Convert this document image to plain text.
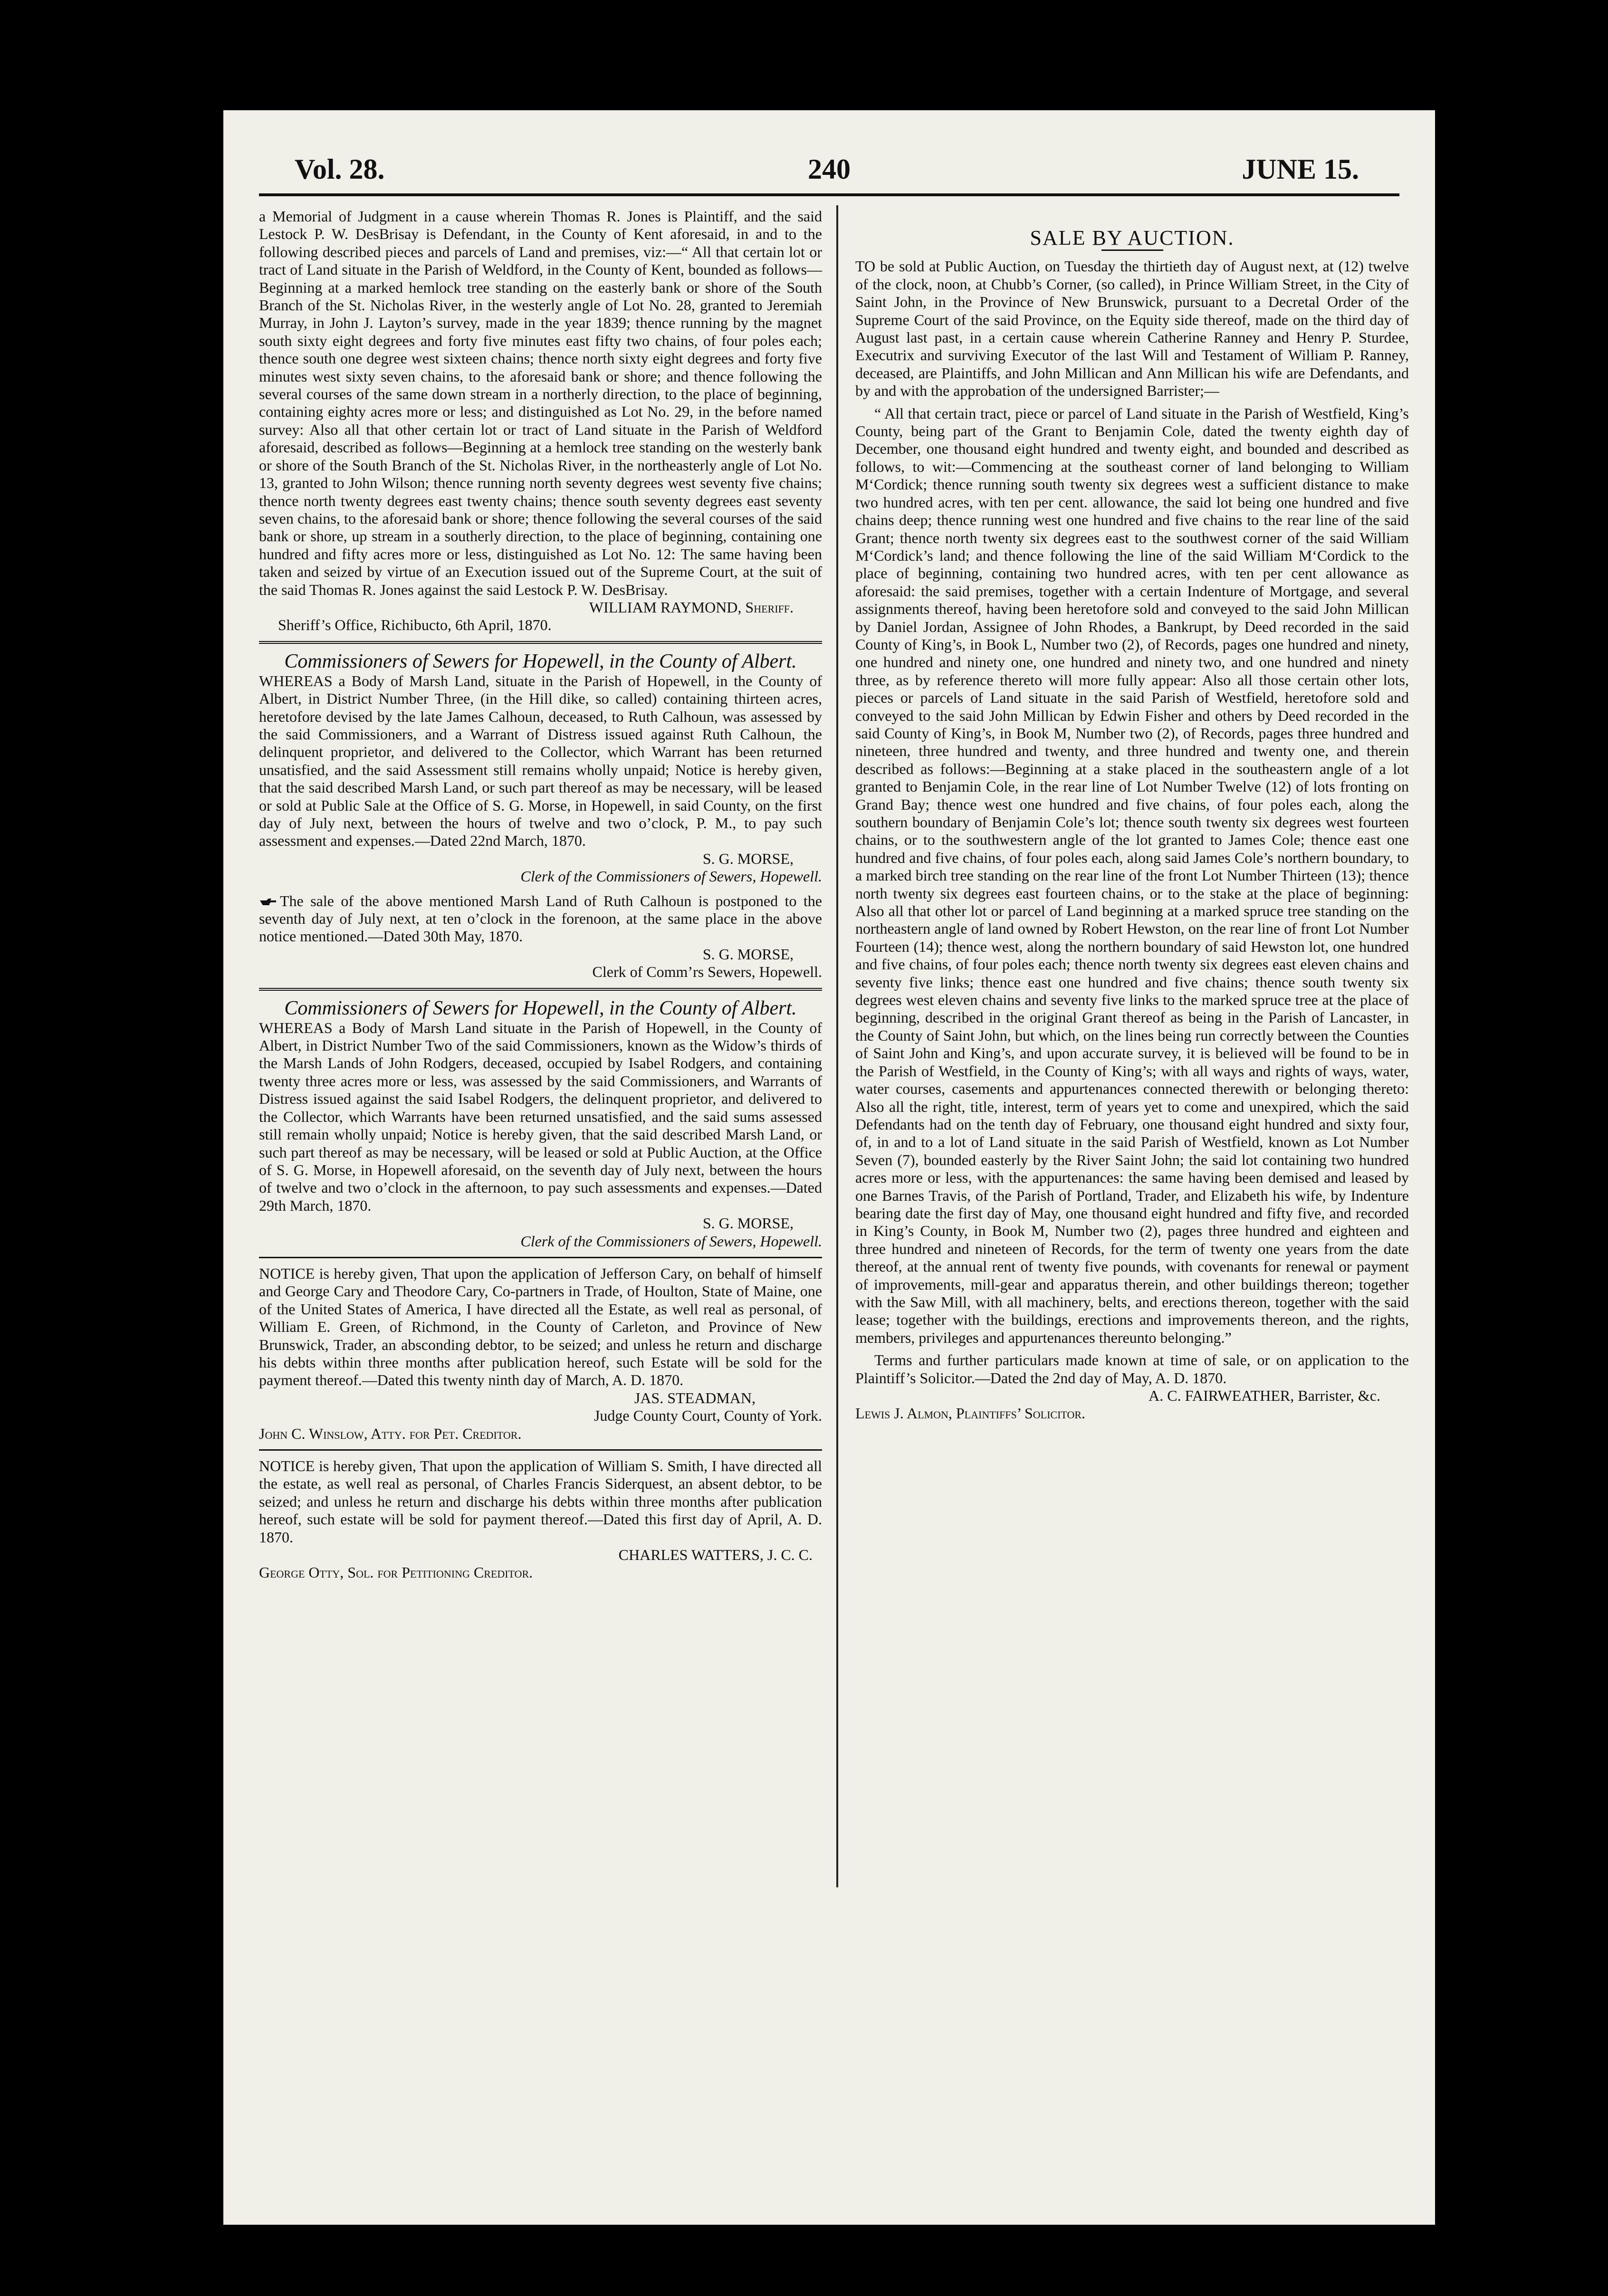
Vol. 28.	240	JUNE 15.

a Memorial of Judgment in a cause wherein Thomas R. Jones is Plaintiff, and the said Lestock P. W. DesBrisay is Defendant, in the County of Kent aforesaid, in and to the following described pieces and parcels of Land and premises, viz:—“ All that certain lot or tract of Land situate in the Parish of Weldford, in the County of Kent, bounded as follows—Beginning at a marked hemlock tree standing on the easterly bank or shore of the South Branch of the St. Nicholas River, in the westerly angle of Lot No. 28, granted to Jeremiah Murray, in John J. Layton’s survey, made in the year 1839; thence running by the magnet south sixty eight degrees and forty five minutes east fifty two chains, of four poles each; thence south one degree west sixteen chains; thence north sixty eight degrees and forty five minutes west sixty seven chains, to the aforesaid bank or shore; and thence following the several courses of the same down stream in a northerly direction, to the place of beginning, containing eighty acres more or less; and distinguished as Lot No. 29, in the before named survey: Also all that other certain lot or tract of Land situate in the Parish of Weldford aforesaid, described as follows—Beginning at a hemlock tree standing on the westerly bank or shore of the South Branch of the St. Nicholas River, in the northeasterly angle of Lot No. 13, granted to John Wilson; thence running north seventy degrees west seventy five chains; thence north twenty degrees east twenty chains; thence south seventy degrees east seventy seven chains, to the aforesaid bank or shore; thence following the several courses of the said bank or shore, up stream in a southerly direction, to the place of beginning, containing one hundred and fifty acres more or less, distinguished as Lot No. 12: The same having been taken and seized by virtue of an Execution issued out of the Supreme Court, at the suit of the said Thomas R. Jones against the said Lestock P. W. DesBrisay.

WILLIAM RAYMOND, Sheriff.

Sheriff’s Office, Richibucto, 6th April, 1870.

Commissioners of Sewers for Hopewell, in the County of Albert.

WHEREAS a Body of Marsh Land, situate in the Parish of Hopewell, in the County of Albert, in District Number Three, (in the Hill dike, so called) containing thirteen acres, heretofore devised by the late James Calhoun, deceased, to Ruth Calhoun, was assessed by the said Commissioners, and a Warrant of Distress issued against Ruth Calhoun, the delinquent proprietor, and delivered to the Collector, which Warrant has been returned unsatisfied, and the said Assessment still remains wholly unpaid; Notice is hereby given, that the said described Marsh Land, or such part thereof as may be necessary, will be leased or sold at Public Sale at the Office of S. G. Morse, in Hopewell, in said County, on the first day of July next, between the hours of twelve and two o’clock, P. M., to pay such assessment and expenses.—Dated 22nd March, 1870.

S. G. MORSE,

Clerk of the Commissioners of Sewers, Hopewell.

The sale of the above mentioned Marsh Land of Ruth Calhoun is postponed to the seventh day of July next, at ten o’clock in the forenoon, at the same place in the above notice mentioned.—Dated 30th May, 1870.

S. G. MORSE,

Clerk of Comm’rs Sewers, Hopewell.

Commissioners of Sewers for Hopewell, in the County of Albert.

WHEREAS a Body of Marsh Land situate in the Parish of Hopewell, in the County of Albert, in District Number Two of the said Commissioners, known as the Widow’s thirds of the Marsh Lands of John Rodgers, deceased, occupied by Isabel Rodgers, and containing twenty three acres more or less, was assessed by the said Commissioners, and Warrants of Distress issued against the said Isabel Rodgers, the delinquent proprietor, and delivered to the Collector, which Warrants have been returned unsatisfied, and the said sums assessed still remain wholly unpaid; Notice is hereby given, that the said described Marsh Land, or such part thereof as may be necessary, will be leased or sold at Public Auction, at the Office of S. G. Morse, in Hopewell aforesaid, on the seventh day of July next, between the hours of twelve and two o’clock in the afternoon, to pay such assessments and expenses.—Dated 29th March, 1870.

S. G. MORSE,

Clerk of the Commissioners of Sewers, Hopewell.

NOTICE is hereby given, That upon the application of Jefferson Cary, on behalf of himself and George Cary and Theodore Cary, Co-partners in Trade, of Houlton, State of Maine, one of the United States of America, I have directed all the Estate, as well real as personal, of William E. Green, of Richmond, in the County of Carleton, and Province of New Brunswick, Trader, an absconding debtor, to be seized; and unless he return and discharge his debts within three months after publication hereof, such Estate will be sold for the payment thereof.—Dated this twenty ninth day of March, A. D. 1870.

JAS. STEADMAN,

Judge County Court, County of York.

John C. Winslow, Atty. for Pet. Creditor.

NOTICE is hereby given, That upon the application of William S. Smith, I have directed all the estate, as well real as personal, of Charles Francis Siderquest, an absent debtor, to be seized; and unless he return and discharge his debts within three months after publication hereof, such estate will be sold for payment thereof.—Dated this first day of April, A. D. 1870.

CHARLES WATTERS, J. C. C.

George Otty, Sol. for Petitioning Creditor.

SALE BY AUCTION.

TO be sold at Public Auction, on Tuesday the thirtieth day of August next, at (12) twelve of the clock, noon, at Chubb’s Corner, (so called), in Prince William Street, in the City of Saint John, in the Province of New Brunswick, pursuant to a Decretal Order of the Supreme Court of the said Province, on the Equity side thereof, made on the third day of August last past, in a certain cause wherein Catherine Ranney and Henry P. Sturdee, Executrix and surviving Executor of the last Will and Testament of William P. Ranney, deceased, are Plaintiffs, and John Millican and Ann Millican his wife are Defendants, and by and with the approbation of the undersigned Barrister;—

“ All that certain tract, piece or parcel of Land situate in the Parish of Westfield, King’s County, being part of the Grant to Benjamin Cole, dated the twenty eighth day of December, one thousand eight hundred and twenty eight, and bounded and described as follows, to wit:—Commencing at the southeast corner of land belonging to William M‘Cordick; thence running south twenty six degrees west a sufficient distance to make two hundred acres, with ten per cent. allowance, the said lot being one hundred and five chains deep; thence running west one hundred and five chains to the rear line of the said Grant; thence north twenty six degrees east to the southwest corner of the said William M‘Cordick’s land; and thence following the line of the said William M‘Cordick to the place of beginning, containing two hundred acres, with ten per cent allowance as aforesaid: the said premises, together with a certain Indenture of Mortgage, and several assignments thereof, having been heretofore sold and conveyed to the said John Millican by Daniel Jordan, Assignee of John Rhodes, a Bankrupt, by Deed recorded in the said County of King’s, in Book L, Number two (2), of Records, pages one hundred and ninety, one hundred and ninety one, one hundred and ninety two, and one hundred and ninety three, as by reference thereto will more fully appear: Also all those certain other lots, pieces or parcels of Land situate in the said Parish of Westfield, heretofore sold and conveyed to the said John Millican by Edwin Fisher and others by Deed recorded in the said County of King’s, in Book M, Number two (2), of Records, pages three hundred and nineteen, three hundred and twenty, and three hundred and twenty one, and therein described as follows:—Beginning at a stake placed in the southeastern angle of a lot granted to Benjamin Cole, in the rear line of Lot Number Twelve (12) of lots fronting on Grand Bay; thence west one hundred and five chains, of four poles each, along the southern boundary of Benjamin Cole’s lot; thence south twenty six degrees west fourteen chains, or to the southwestern angle of the lot granted to James Cole; thence east one hundred and five chains, of four poles each, along said James Cole’s northern boundary, to a marked birch tree standing on the rear line of the front Lot Number Thirteen (13); thence north twenty six degrees east fourteen chains, or to the stake at the place of beginning: Also all that other lot or parcel of Land beginning at a marked spruce tree standing on the northeastern angle of land owned by Robert Hewston, on the rear line of front Lot Number Fourteen (14); thence west, along the northern boundary of said Hewston lot, one hundred and five chains, of four poles each; thence north twenty six degrees east eleven chains and seventy five links; thence east one hundred and five chains; thence south twenty six degrees west eleven chains and seventy five links to the marked spruce tree at the place of beginning, described in the original Grant thereof as being in the Parish of Lancaster, in the County of Saint John, but which, on the lines being run correctly between the Counties of Saint John and King’s, and upon accurate survey, it is believed will be found to be in the Parish of Westfield, in the County of King’s; with all ways and rights of ways, water, water courses, casements and appurtenances connected therewith or belonging thereto: Also all the right, title, interest, term of years yet to come and unexpired, which the said Defendants had on the tenth day of February, one thousand eight hundred and sixty four, of, in and to a lot of Land situate in the said Parish of Westfield, known as Lot Number Seven (7), bounded easterly by the River Saint John; the said lot containing two hundred acres more or less, with the appurtenances: the same having been demised and leased by one Barnes Travis, of the Parish of Portland, Trader, and Elizabeth his wife, by Indenture bearing date the first day of May, one thousand eight hundred and fifty five, and recorded in King’s County, in Book M, Number two (2), pages three hundred and eighteen and three hundred and nineteen of Records, for the term of twenty one years from the date thereof, at the annual rent of twenty five pounds, with covenants for renewal or payment of improvements, mill-gear and apparatus therein, and other buildings thereon; together with the Saw Mill, with all machinery, belts, and erections thereon, together with the said lease; together with the buildings, erections and improvements thereon, and the rights, members, privileges and appurtenances thereunto belonging.”

Terms and further particulars made known at time of sale, or on application to the Plaintiff’s Solicitor.—Dated the 2nd day of May, A. D. 1870.

A. C. FAIRWEATHER, Barrister, &c.

Lewis J. Almon, Plaintiffs’ Solicitor.
